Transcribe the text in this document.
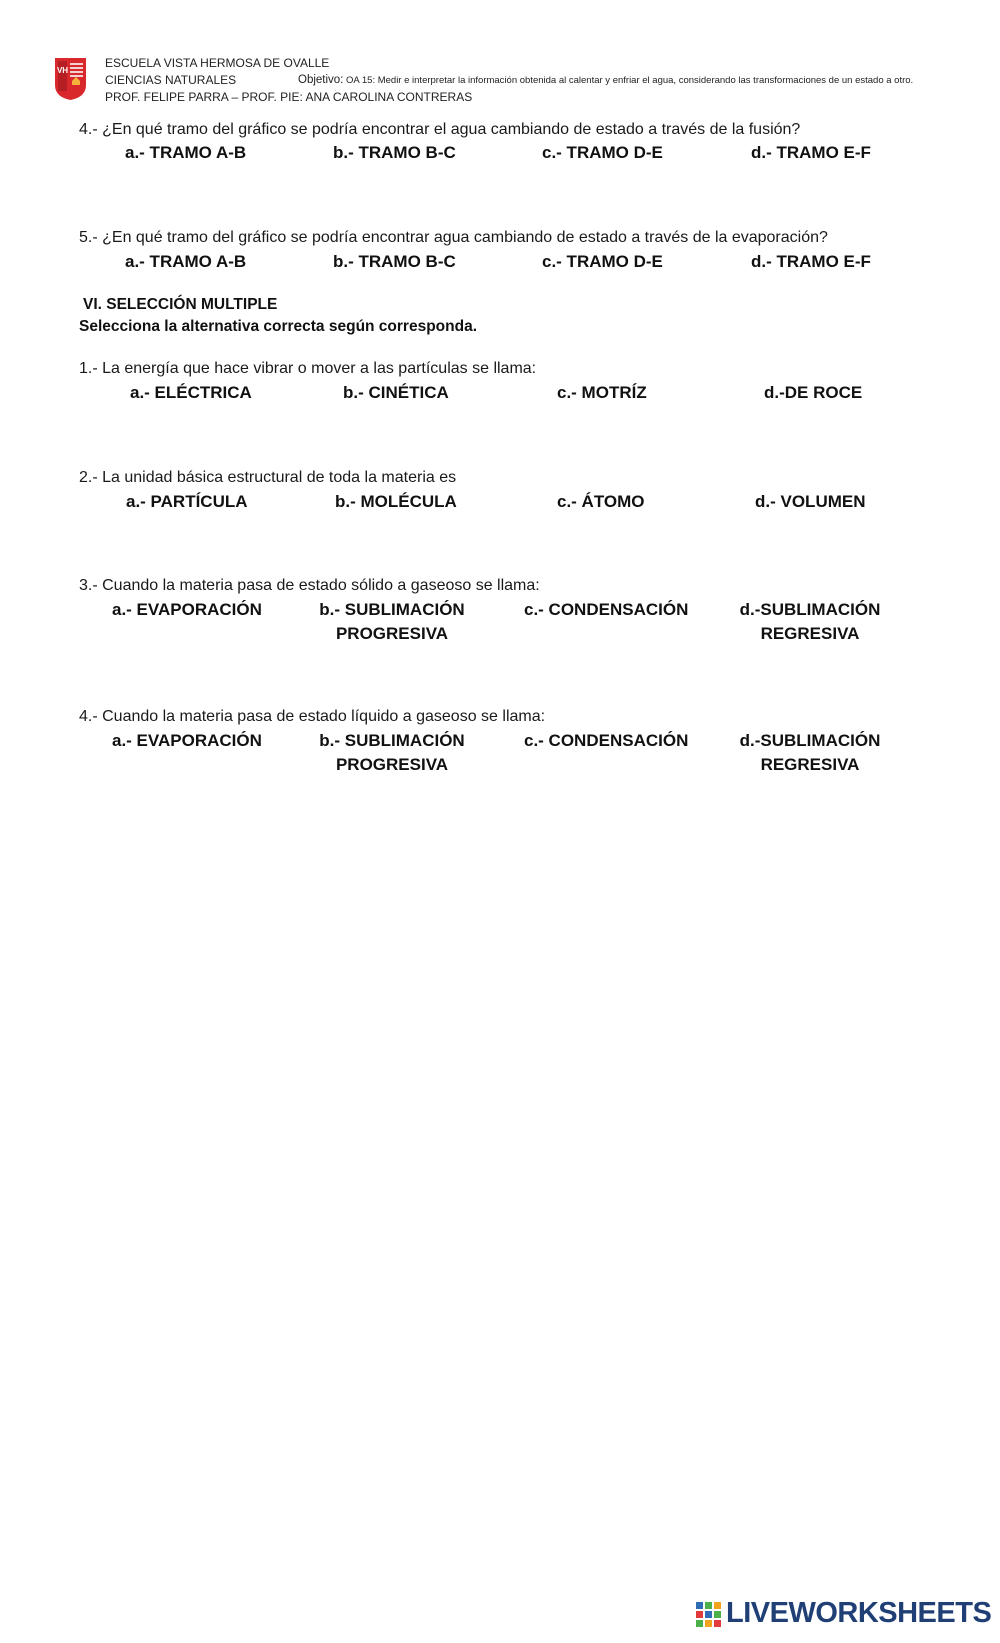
VH
ESCUELA VISTA HERMOSA DE OVALLE
CIENCIAS NATURALES	Objetivo: OA 15: Medir e interpretar la información obtenida al calentar y enfriar el agua, considerando las transformaciones de un estado a otro.
PROF. FELIPE PARRA – PROF. PIE: ANA CAROLINA CONTRERAS
4.- ¿En qué tramo del gráfico se podría encontrar el agua cambiando de estado a través de la fusión?
a.- TRAMO A-B	b.- TRAMO B-C	c.- TRAMO D-E	d.- TRAMO E-F
5.- ¿En qué tramo del gráfico se podría encontrar agua cambiando de estado a través de la evaporación?
a.- TRAMO A-B	b.- TRAMO B-C	c.- TRAMO D-E	d.- TRAMO E-F
VI. SELECCIÓN MULTIPLE
Selecciona la alternativa correcta según corresponda.
1.- La energía que hace vibrar o mover a las partículas se llama:
a.- ELÉCTRICA	b.- CINÉTICA	c.- MOTRÍZ	d.-DE ROCE
2.- La unidad básica estructural de toda la materia es
a.- PARTÍCULA	b.- MOLÉCULA	c.- ÁTOMO	d.- VOLUMEN
3.- Cuando la materia pasa de estado sólido a gaseoso se llama:
a.- EVAPORACIÓN	b.- SUBLIMACIÓN
PROGRESIVA
c.- CONDENSACIÓN	d.-SUBLIMACIÓN
REGRESIVA
4.- Cuando la materia pasa de estado líquido a gaseoso se llama:
a.- EVAPORACIÓN	b.- SUBLIMACIÓN
PROGRESIVA
c.- CONDENSACIÓN	d.-SUBLIMACIÓN
REGRESIVA
LIVEWORKSHEETS
